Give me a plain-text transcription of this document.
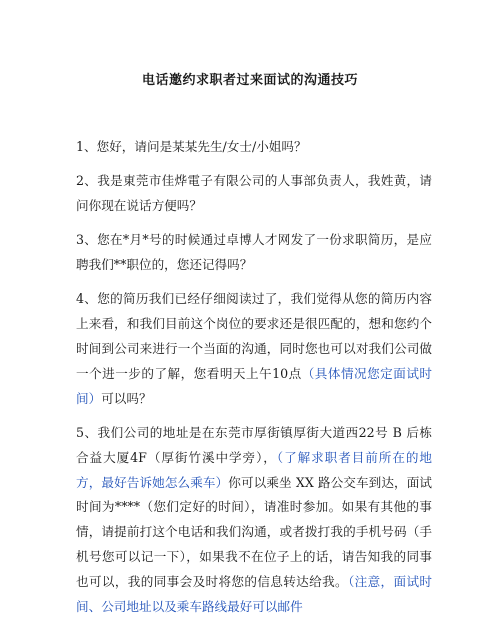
电话邀约求职者过来面试的沟通技巧

1、您好，请问是某某先生/女士/小姐吗？

2、我是東莞市佳烨電子有限公司的人事部负责人，我姓黄，请问你现在说话方便吗？

3、您在*月*号的时候通过卓博人才网发了一份求职简历，是应聘我们**职位的，您还记得吗？

4、您的简历我们已经仔细阅读过了，我们觉得从您的简历内容上来看，和我们目前这个岗位的要求还是很匹配的，想和您约个时间到公司来进行一个当面的沟通，同时您也可以对我们公司做一个进一步的了解，您看明天上午10点（具体情况您定面试时间）可以吗？

5、我们公司的地址是在东莞市厚街镇厚街大道西22号 B 后栋合益大厦4F（厚街竹溪中学旁），（了解求职者目前所在的地方，最好告诉她怎么乘车）你可以乘坐 XX 路公交车到达，面试时间为****（您们定好的时间），请准时参加。如果有其他的事情，请提前打这个电话和我们沟通，或者拨打我的手机号码（手机号您可以记一下），如果我不在位子上的话，请告知我的同事也可以，我的同事会及时将您的信息转达给我。（注意，面试时间、公司地址以及乘车路线最好可以邮件
